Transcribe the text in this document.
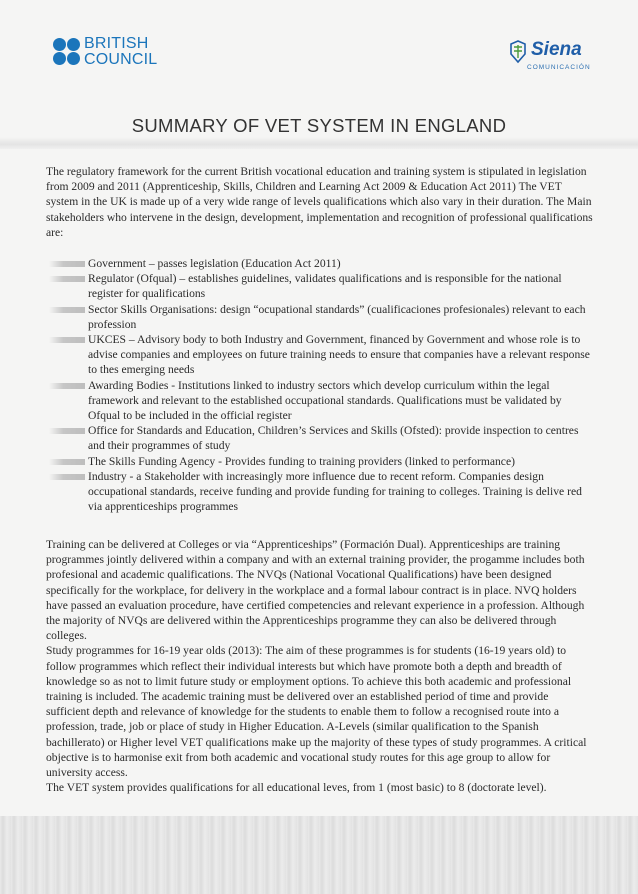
BRITISH
COUNCIL	Siena
COMUNICACIÓN
SUMMARY OF VET SYSTEM IN ENGLAND

The regulatory framework for the current British vocational education and training system is stipulated in legislation from 2009 and 2011 (Apprenticeship, Skills, Children and Learning Act 2009 & Education Act 2011) The VET system in the UK is made up of a very wide range of levels qualifications which also vary in their duration. The Main stakeholders who intervene in the design, development, implementation and recognition of professional qualifications are:

Government – passes legislation (Education Act 2011)
Regulator (Ofqual) – establishes guidelines, validates qualifications and is responsible for the national register for qualifications
Sector Skills Organisations: design “ocupational standards” (cualificaciones profesionales) relevant to each profession
UKCES – Advisory body to both Industry and Government, financed by Government and whose role is to advise companies and employees on future training needs to ensure that companies have a relevant response to thes emerging needs
Awarding Bodies - Institutions linked to industry sectors which develop curriculum within the legal framework and relevant to the established occupational standards. Qualifications must be validated by Ofqual to be included in the official register
Office for Standards and Education, Children’s Services and Skills (Ofsted): provide inspection to centres and their programmes of study
The Skills Funding Agency - Provides funding to training providers (linked to performance)
Industry - a Stakeholder with increasingly more influence due to recent reform. Companies design occupational standards, receive funding and provide funding for training to colleges. Training is delive red via apprenticeships programmes

Training can be delivered at Colleges or via “Apprenticeships” (Formación Dual). Apprenticeships are training programmes jointly delivered within a company and with an external training provider, the progamme includes both profesional and academic qualifications. The NVQs (National Vocational Qualifications) have been designed specifically for the workplace, for delivery in the workplace and a formal labour contract is in place. NVQ holders have passed an evaluation procedure, have certified competencies and relevant experience in a profession. Although the majority of NVQs are delivered within the Apprenticeships programme they can also be delivered through colleges.

Study programmes for 16-19 year olds (2013): The aim of these programmes is for students (16-19 years old) to follow programmes which reflect their individual interests but which have promote both a depth and breadth of knowledge so as not to limit future study or employment options. To achieve this both academic and professional training is included. The academic training must be delivered over an established period of time and provide sufficient depth and relevance of knowledge for the students to enable them to follow a recognised route into a profession, trade, job or place of study in Higher Education. A-Levels (similar qualification to the Spanish bachillerato) or Higher level VET qualifications make up the majority of these types of study programmes. A critical objective is to harmonise exit from both academic and vocational study routes for this age group to allow for university access.

The VET system provides qualifications for all educational leves, from 1 (most basic) to 8 (doctorate level).
